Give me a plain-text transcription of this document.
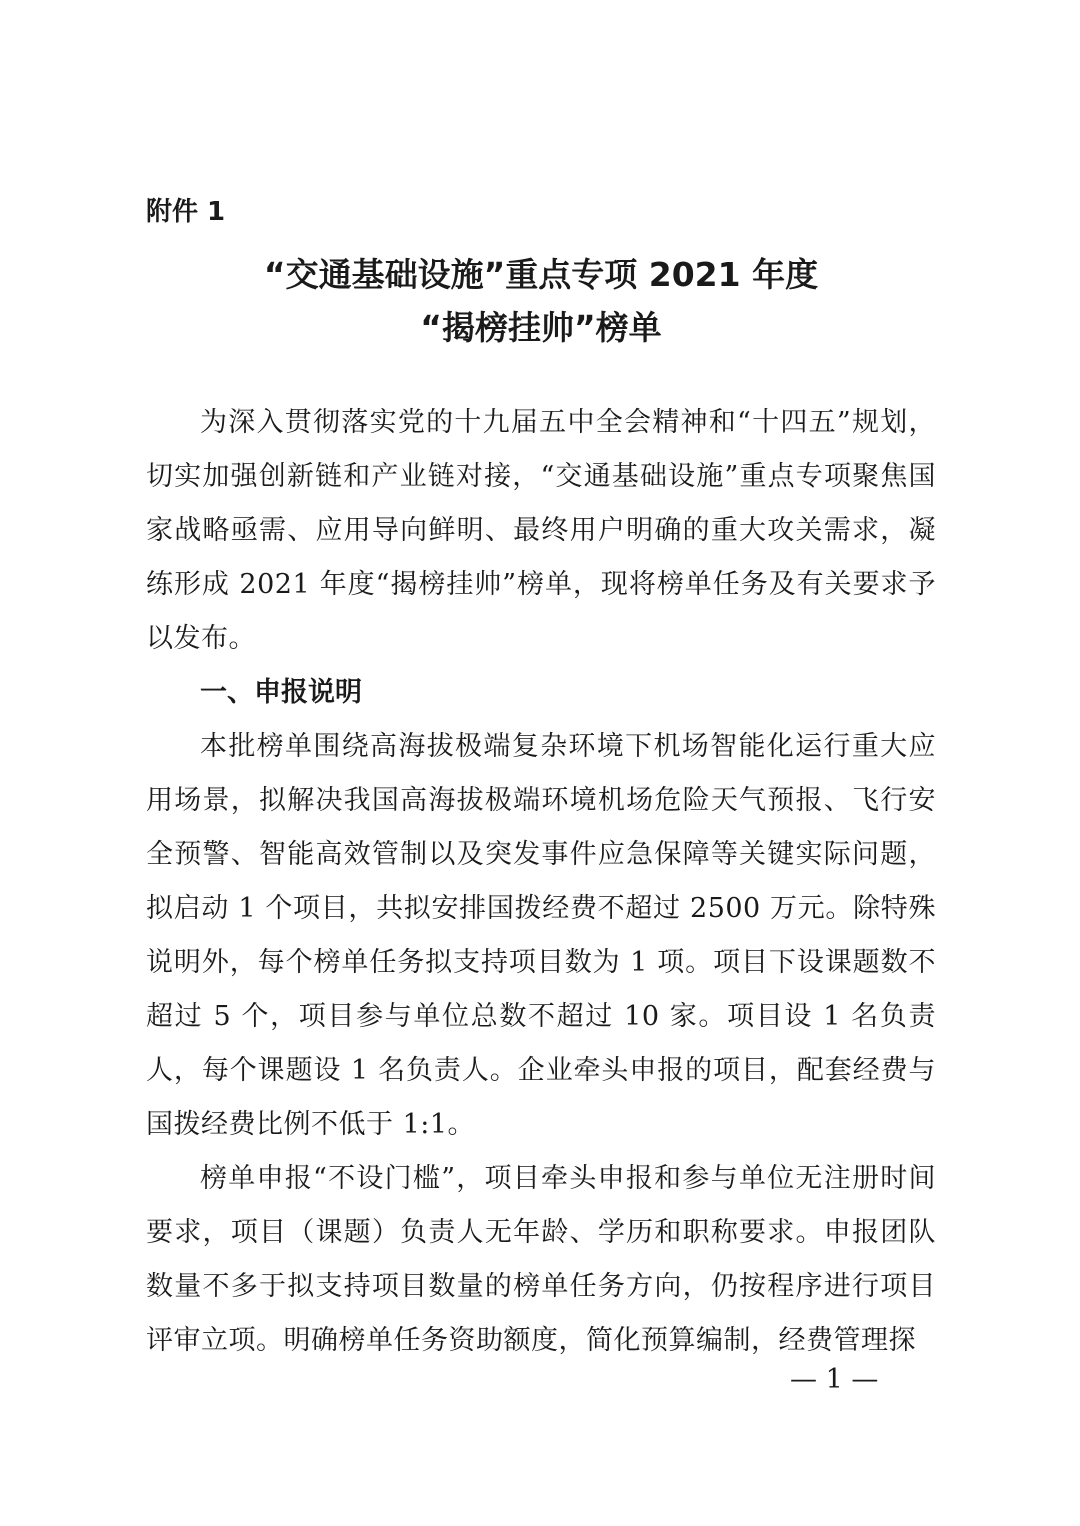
附件 1

“交通基础设施”重点专项 2021 年度
“揭榜挂帅”榜单

为深入贯彻落实党的十九届五中全会精神和“十四五”规划，切实加强创新链和产业链对接，“交通基础设施”重点专项聚焦国家战略亟需、应用导向鲜明、最终用户明确的重大攻关需求，凝练形成 2021 年度“揭榜挂帅”榜单，现将榜单任务及有关要求予以发布。

一、申报说明

本批榜单围绕高海拔极端复杂环境下机场智能化运行重大应用场景，拟解决我国高海拔极端环境机场危险天气预报、飞行安全预警、智能高效管制以及突发事件应急保障等关键实际问题，拟启动 1 个项目，共拟安排国拨经费不超过 2500 万元。除特殊说明外，每个榜单任务拟支持项目数为 1 项。项目下设课题数不超过 5 个，项目参与单位总数不超过 10 家。项目设 1 名负责人，每个课题设 1 名负责人。企业牵头申报的项目，配套经费与国拨经费比例不低于 1:1。

榜单申报“不设门槛”，项目牵头申报和参与单位无注册时间要求，项目（课题）负责人无年龄、学历和职称要求。申报团队数量不多于拟支持项目数量的榜单任务方向，仍按程序进行项目评审立项。明确榜单任务资助额度，简化预算编制，经费管理探

— 1 —
